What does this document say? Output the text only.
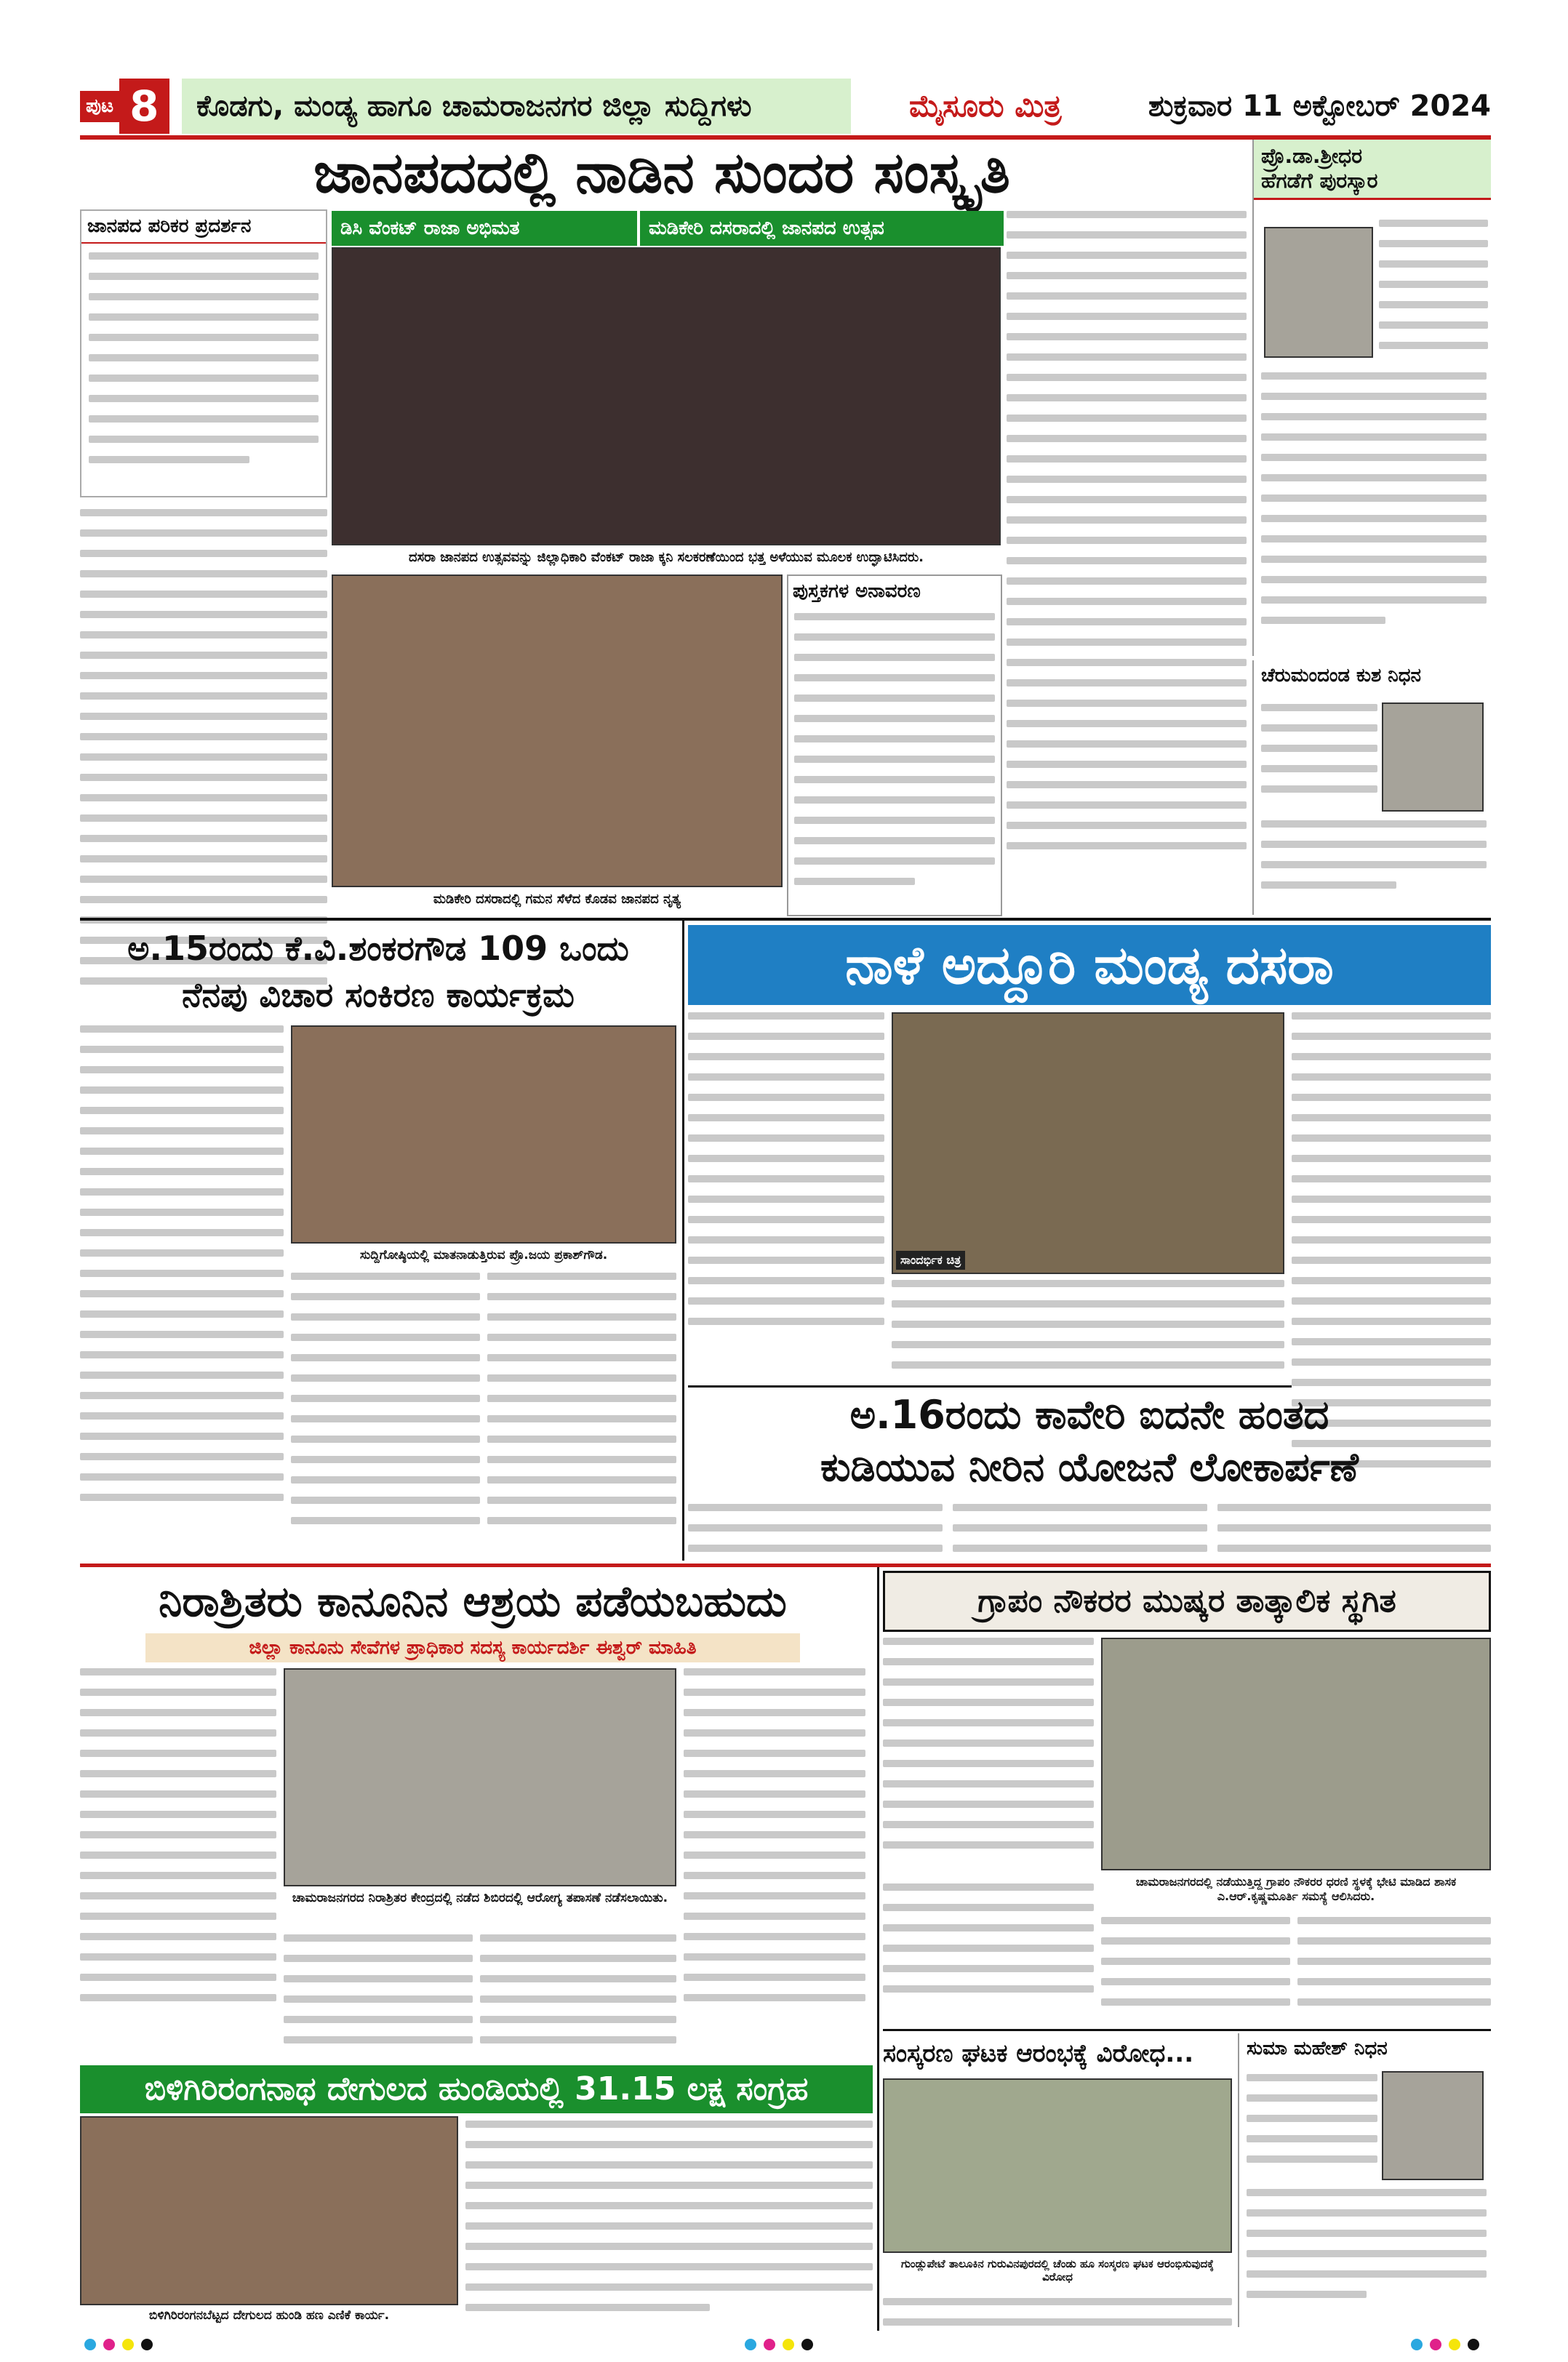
ಪುಟ 8	ಕೊಡಗು, ಮಂಡ್ಯ ಹಾಗೂ ಚಾಮರಾಜನಗರ ಜಿಲ್ಲಾ ಸುದ್ದಿಗಳು	ಮೈಸೂರು ಮಿತ್ರ	ಶುಕ್ರವಾರ 11 ಅಕ್ಟೋಬರ್ 2024
ಜಾನಪದದಲ್ಲಿ ನಾಡಿನ ಸುಂದರ ಸಂಸ್ಕೃತಿ
ಜಾನಪದ ಪರಿಕರ ಪ್ರದರ್ಶನ	ಡಿಸಿ ವೆಂಕಟ್ ರಾಜಾ ಅಭಿಮತ	ಮಡಿಕೇರಿ ದಸರಾದಲ್ಲಿ ಜಾನಪದ ಉತ್ಸವ
ದಸರಾ ಜಾನಪದ ಉತ್ಸವವನ್ನು ಜಿಲ್ಲಾಧಿಕಾರಿ ವೆಂಕಟ್ ರಾಜಾ ಕ್ಕನಿ ಸಲಕರಣೆಯಿಂದ ಭತ್ತ ಅಳೆಯುವ ಮೂಲಕ ಉದ್ಘಾಟಿಸಿದರು.
ಮಡಿಕೇರಿ ದಸರಾದಲ್ಲಿ ಗಮನ ಸೆಳೆದ ಕೊಡವ ಜಾನಪದ ನೃತ್ಯ
ಪುಸ್ತಕಗಳ ಅನಾವರಣ
ಪ್ರೊ.ಡಾ.ಶ್ರೀಧರ
ಹೆಗಡೆಗೆ ಪುರಸ್ಕಾರ
ಚೆರುಮಂದಂಡ ಕುಶ ನಿಧನ
ಅ.15ರಂದು ಕೆ.ವಿ.ಶಂಕರಗೌಡ 109 ಒಂದು
ನೆನಪು ವಿಚಾರ ಸಂಕಿರಣ ಕಾರ್ಯಕ್ರಮ
ಸುದ್ದಿಗೋಷ್ಠಿಯಲ್ಲಿ ಮಾತನಾಡುತ್ತಿರುವ ಪ್ರೊ.ಜಯ ಪ್ರಕಾಶ್‌ಗೌಡ.
ನಾಳೆ ಅದ್ದೂರಿ ಮಂಡ್ಯ ದಸರಾ
ಸಾಂದರ್ಭಿಕ ಚಿತ್ರ
ಅ.16ರಂದು ಕಾವೇರಿ ಐದನೇ ಹಂತದ
ಕುಡಿಯುವ ನೀರಿನ ಯೋಜನೆ ಲೋಕಾರ್ಪಣೆ
ನಿರಾಶ್ರಿತರು ಕಾನೂನಿನ ಆಶ್ರಯ ಪಡೆಯಬಹುದು
ಜಿಲ್ಲಾ ಕಾನೂನು ಸೇವೆಗಳ ಪ್ರಾಧಿಕಾರ ಸದಸ್ಯ ಕಾರ್ಯದರ್ಶಿ ಈಶ್ವರ್ ಮಾಹಿತಿ
ಚಾಮರಾಜನಗರದ ನಿರಾಶ್ರಿತರ ಕೇಂದ್ರದಲ್ಲಿ ನಡೆದ ಶಿಬಿರದಲ್ಲಿ ಆರೋಗ್ಯ ತಪಾಸಣೆ ನಡೆಸಲಾಯಿತು.
ಬಿಳಿಗಿರಿರಂಗನಾಥ ದೇಗುಲದ ಹುಂಡಿಯಲ್ಲಿ 31.15 ಲಕ್ಷ ಸಂಗ್ರಹ
ಬಿಳಿಗಿರಿರಂಗನಬೆಟ್ಟದ ದೇಗುಲದ ಹುಂಡಿ ಹಣ ಎಣಿಕೆ ಕಾರ್ಯ.
ಗ್ರಾಪಂ ನೌಕರರ ಮುಷ್ಕರ ತಾತ್ಕಾಲಿಕ ಸ್ಥಗಿತ
ಚಾಮರಾಜನಗರದಲ್ಲಿ ನಡೆಯುತ್ತಿದ್ದ ಗ್ರಾಪಂ ನೌಕರರ ಧರಣಿ ಸ್ಥಳಕ್ಕೆ ಭೇಟಿ ಮಾಡಿದ ಶಾಸಕ ಎ.ಆರ್.ಕೃಷ್ಣಮೂರ್ತಿ ಸಮಸ್ಯೆ ಆಲಿಸಿದರು.
ಸಂಸ್ಕರಣ ಘಟಕ ಆರಂಭಕ್ಕೆ ವಿರೋಧ...
ಗುಂಡ್ಲುಪೇಟೆ ತಾಲೂಕಿನ ಗುರುವಿನಪುರದಲ್ಲಿ ಚೆಂಡು ಹೂ ಸಂಸ್ಕರಣ ಘಟಕ ಆರಂಭಿಸುವುದಕ್ಕೆ ವಿರೋಧ
ಸುಮಾ ಮಹೇಶ್ ನಿಧನ
